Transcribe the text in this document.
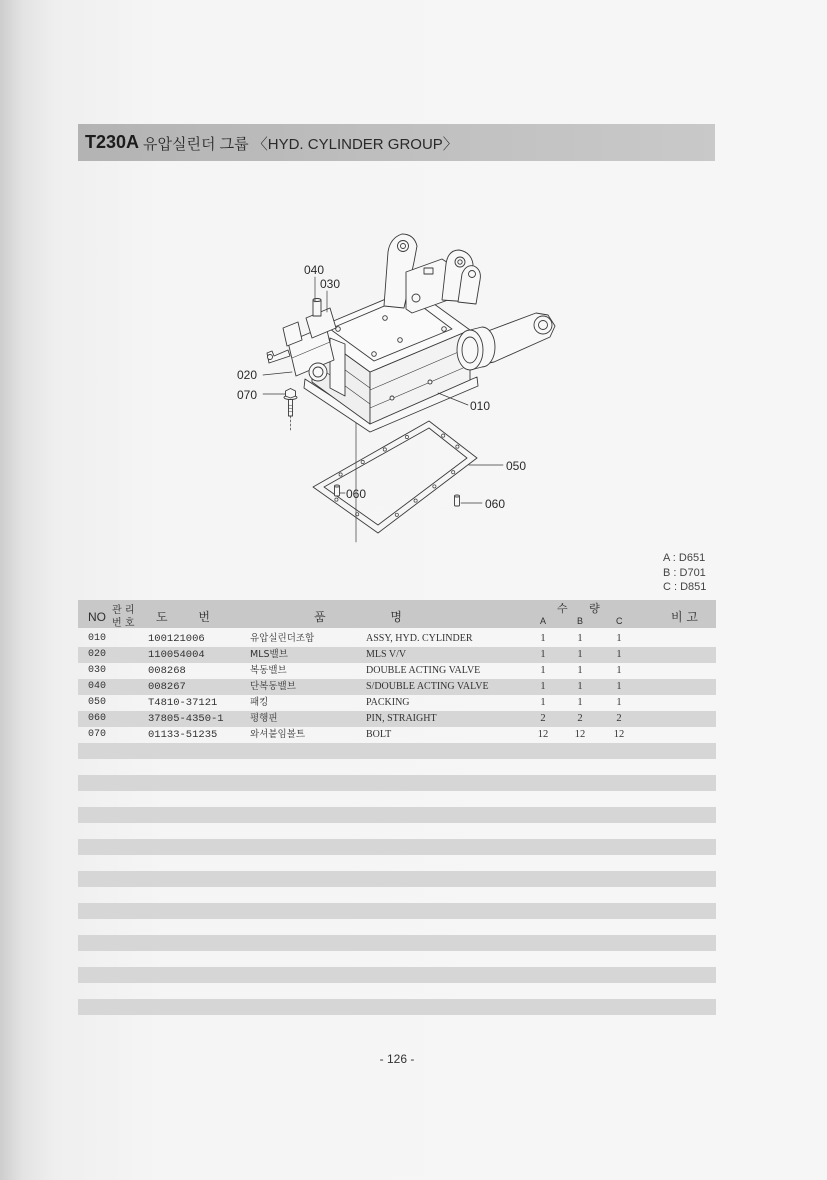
T230A 유압실린더 그룹 〈HYD. CYLINDER GROUP〉
040
030
020
070
010
050
060
060
A : D651
B : D701
C : D851
NO 관 리
번 호 도 번	품 명
수 량
A	B	C	비 고
010	100121006	유압실린더조합	ASSY, HYD. CYLINDER	1	1	1
020	110054004	MLS밸브	MLS V/V	1	1	1
030	008268	복동밸브	DOUBLE ACTING VALVE	1	1	1
040	008267	단복동밸브	S/DOUBLE ACTING VALVE	1	1	1
050	T4810-37121	패킹	PACKING	1	1	1
060	37805-4350-1	평행핀	PIN, STRAIGHT	2	2	2
070	01133-51235	와셔붙임볼트	BOLT	12	12	12
- 126 -
